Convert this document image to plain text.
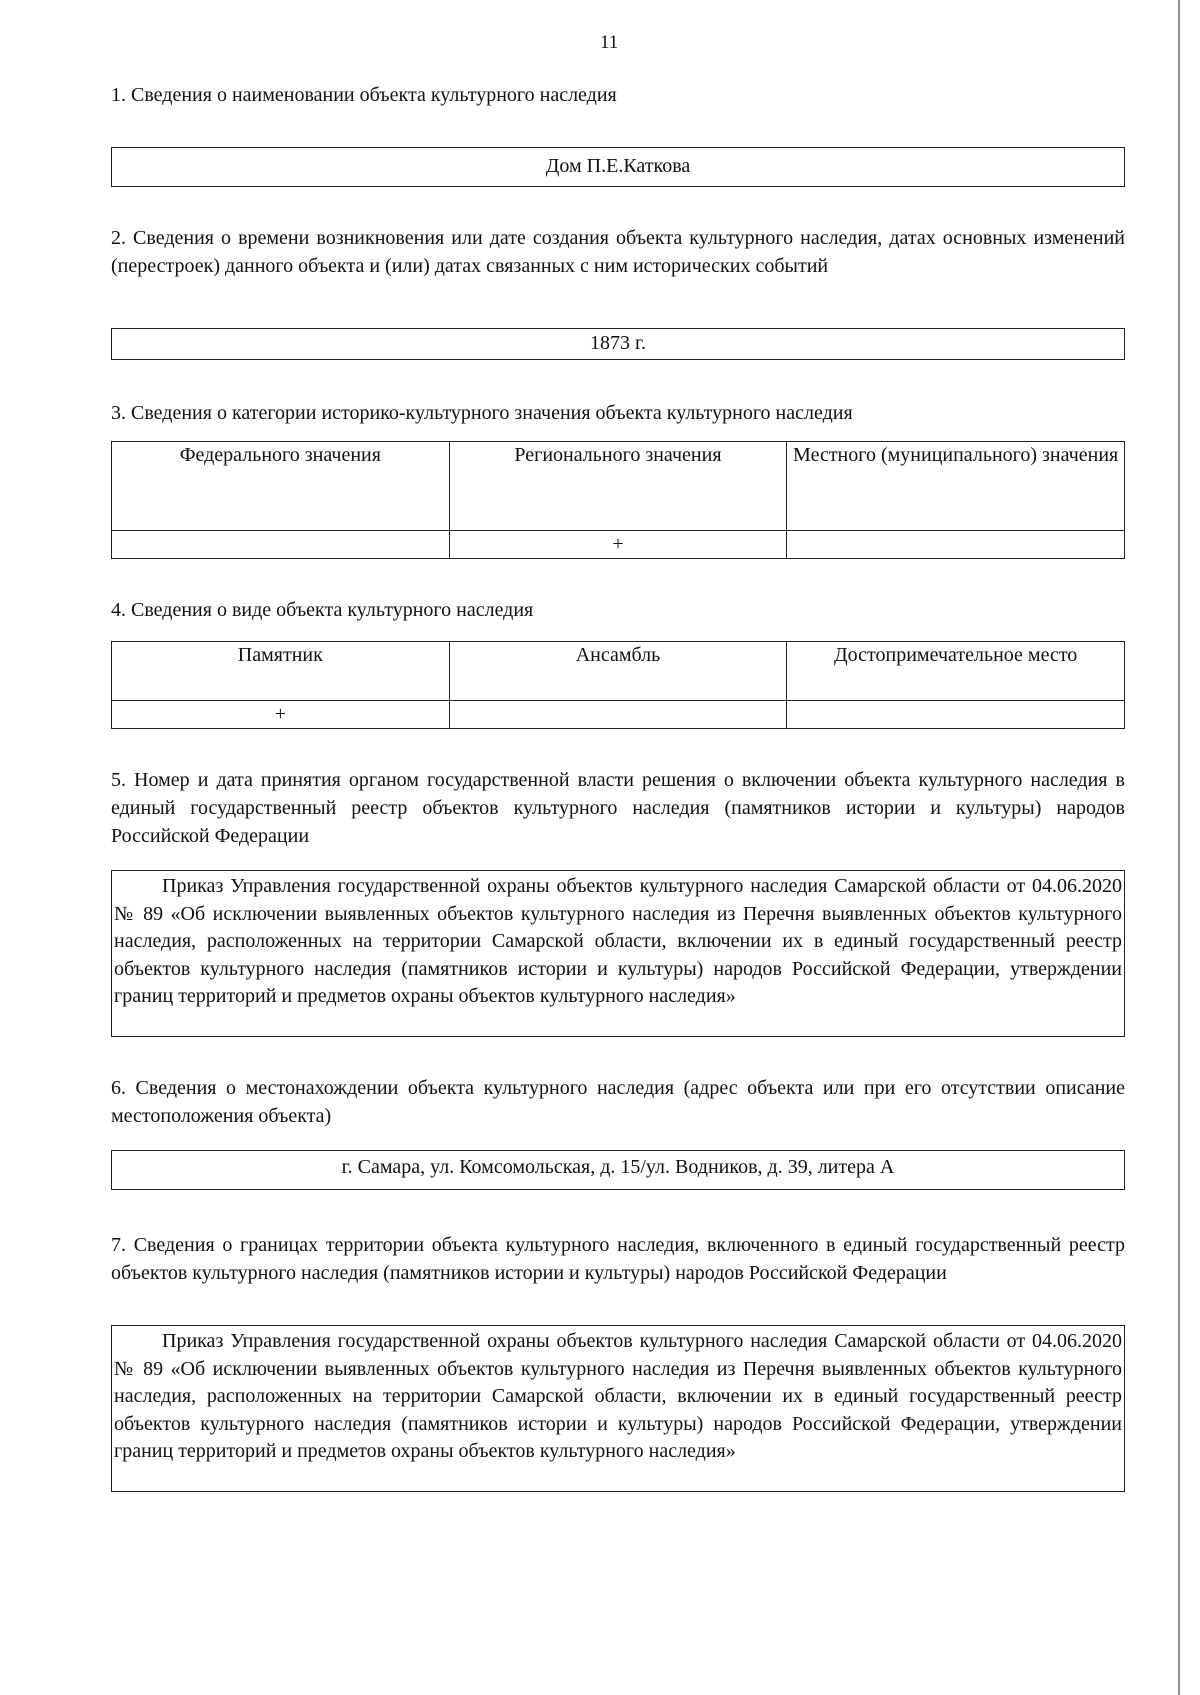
11
1. Сведения о наименовании объекта культурного наследия
Дом П.Е.Каткова
2. Сведения о времени возникновения или дате создания объекта культурного наследия, датах основных изменений (перестроек) данного объекта и (или) датах связанных с ним исторических событий
1873 г.
3. Сведения о категории историко-культурного значения объекта культурного наследия
Федерального значения	Регионального значения	Местного (муниципального) значения
	+	
4. Сведения о виде объекта культурного наследия
Памятник	Ансамбль	Достопримечательное место
+		
5. Номер и дата принятия органом государственной власти решения о включении объекта культурного наследия в единый государственный реестр объектов культурного наследия (памятников истории и культуры) народов Российской Федерации
Приказ Управления государственной охраны объектов культурного наследия Самарской области от 04.06.2020 № 89 «Об исключении выявленных объектов культурного наследия из Перечня выявленных объектов культурного наследия, расположенных на территории Самарской области, включении их в единый государственный реестр объектов культурного наследия (памятников истории и культуры) народов Российской Федерации, утверждении границ территорий и предметов охраны объектов культурного наследия»
6. Сведения о местонахождении объекта культурного наследия (адрес объекта или при его отсутствии описание местоположения объекта)
г. Самара, ул. Комсомольская, д. 15/ул. Водников, д. 39, литера А
7. Сведения о границах территории объекта культурного наследия, включенного в единый государственный реестр объектов культурного наследия (памятников истории и культуры) народов Российской Федерации
Приказ Управления государственной охраны объектов культурного наследия Самарской области от 04.06.2020 № 89 «Об исключении выявленных объектов культурного наследия из Перечня выявленных объектов культурного наследия, расположенных на территории Самарской области, включении их в единый государственный реестр объектов культурного наследия (памятников истории и культуры) народов Российской Федерации, утверждении границ территорий и предметов охраны объектов культурного наследия»
